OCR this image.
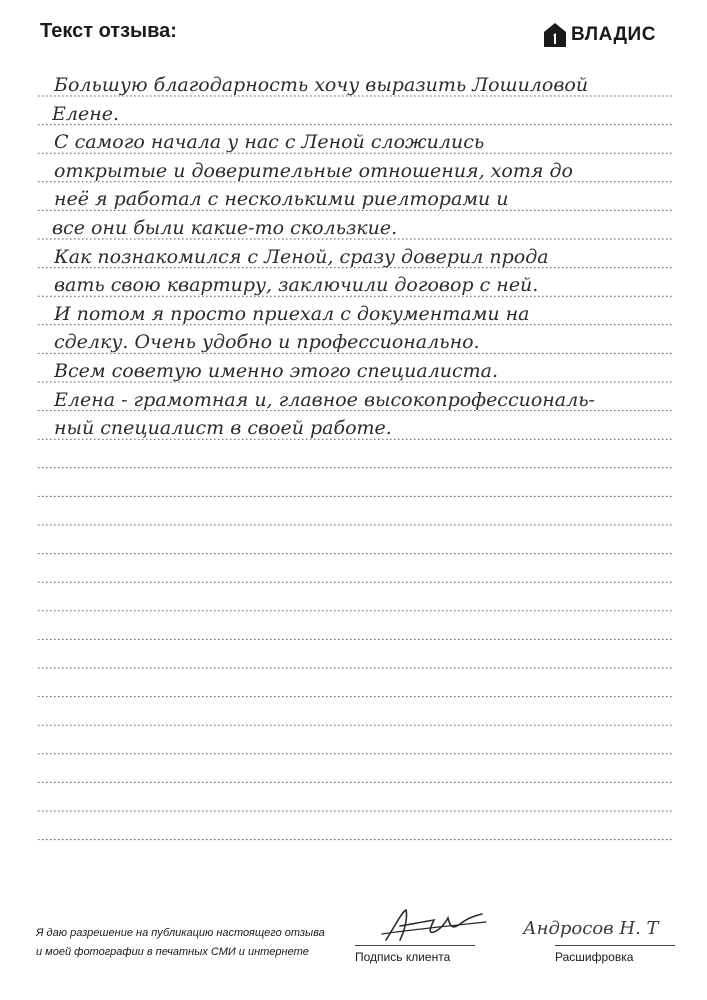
Текст отзыва:	ВЛАДИС
Большую благодарность хочу выразить Лошиловой
Елене.
С самого начала у нас с Леной сложились
открытые и доверительные отношения, хотя до
неё я работал с несколькими риелторами и
все они были какие-то скользкие.
Как познакомился с Леной, сразу доверил прода
вать свою квартиру, заключили договор с ней.
И потом я просто приехал с документами на
сделку. Очень удобно и профессионально.
Всем советую именно этого специалиста.
Елена - грамотная и, главное высокопрофессиональ-
ный специалист в своей работе.
Я даю разрешение на публикацию настоящего отзыва
и моей фотографии в печатных СМИ и интернете	Подпись клиента
Андросов Н. Т
Расшифровка
